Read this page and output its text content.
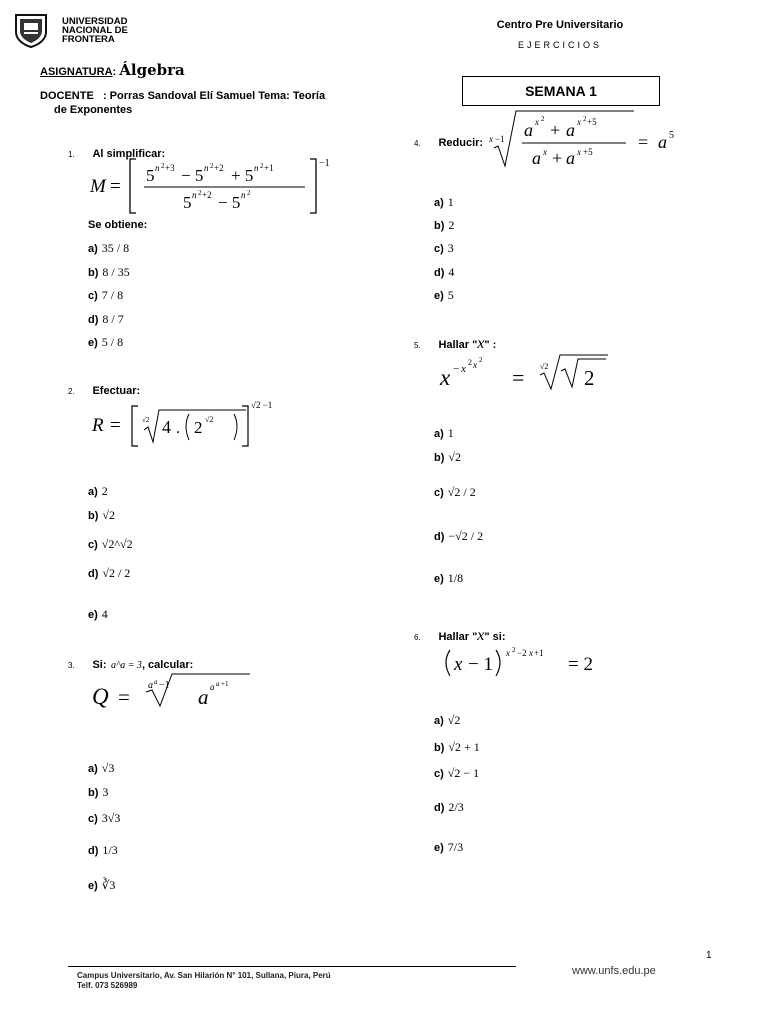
UNIVERSIDAD
NACIONAL DE
FRONTERA
Centro Pre Universitario
EJERCICIOS
ASIGNATURA: Álgebra
SEMANA 1
DOCENTE : Porras Sandoval Elí Samuel Tema: Teoría
de Exponentes
1. Al simplificar:
M =
5 n 2 +3 − 5 n 2 +2 + 5 n 2 +1
5 n 2 +2 − 5 n 2
−1
Se obtiene:
a) 35 / 8
b) 8 / 35
c) 7 / 8
d) 8 / 7
e) 5 / 8
2. Efectuar:
R =	√2 4 . 2 √2
√2 −1
a) 2
b) √2
c) √2^√2
d) √2 / 2
e) 4
3. Si: a^a = 3, calcular:
Q = a a −1 a a a +1
a) √3
b) 3
c) 3√3
d) 1/3
e) ∛3
4. Reducir: x −1 a x 2
+ a x 2 +5
a x + a x +5	= a 5
a) 1
b) 2
c) 3
d) 4
e) 5
5. Hallar "x" :
x − x
2 x 2
= √2 2
a) 1
b) √2
c) √2 / 2
d) −√2 / 2
e) 1/8
6. Hallar "x" si:
x − 1
x 2 −2 x +1
= 2
a) √2
b) √2 + 1
c) √2 − 1
d) 2/3
e) 7/3
1
Campus Universitario, Av. San Hilarión N° 101, Sullana, Piura, Perú
Telf. 073 526989
www.unfs.edu.pe
